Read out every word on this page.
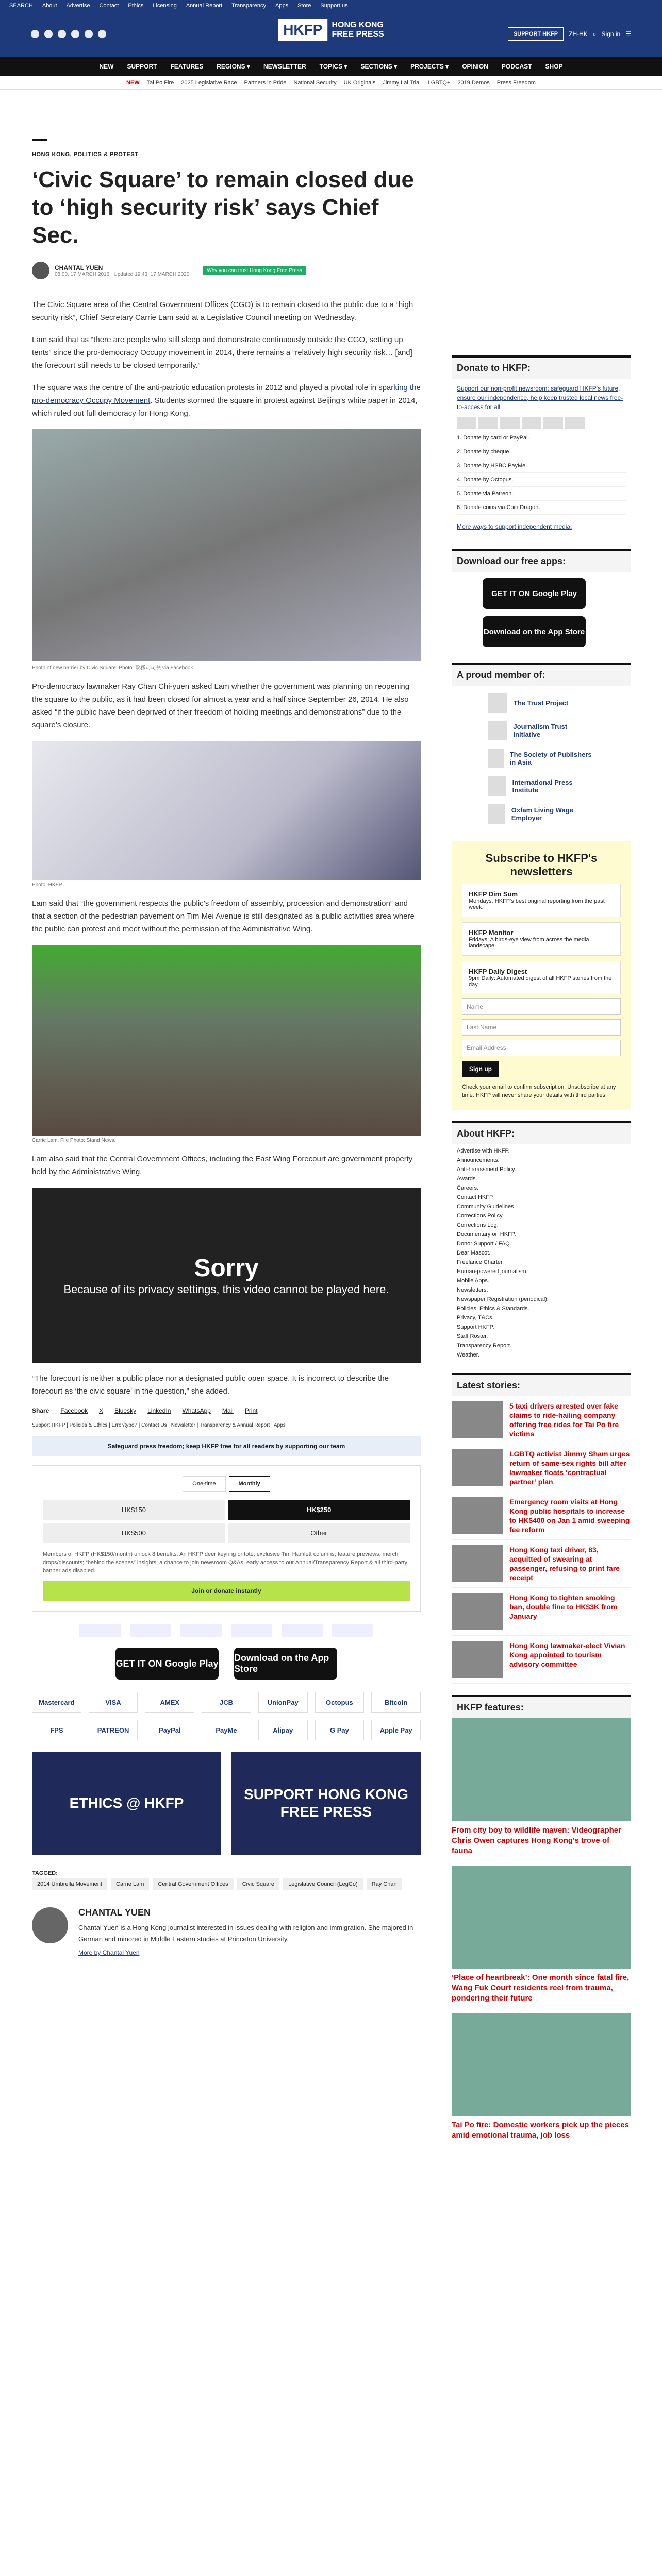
SEARCH About Advertise Contact Ethics Licensing Annual Report Transparency Apps Store Support us
HKFP	HONG KONG
FREE PRESS	SUPPORT HKFP	ZH-HK ⌕ Sign in ☰
NEW SUPPORT FEATURES REGIONS ▾ NEWSLETTER TOPICS ▾ SECTIONS ▾ PROJECTS ▾ OPINION PODCAST SHOP
NEW Tai Po Fire 2025 Legislative Race Partners in Pride National Security UK Originals Jimmy Lai Trial LGBTQ+ 2019 Demos Press Freedom
HONG KONG, POLITICS & PROTEST
‘Civic Square’ to remain closed due to ‘high security risk’ says Chief Sec.
CHANTAL YUEN
08:00, 17 MARCH 2016 Updated 19:43, 17 MARCH 2020
Why you can trust Hong Kong Free Press

The Civic Square area of the Central Government Offices (CGO) is to remain closed to the public due to a “high security risk”, Chief Secretary Carrie Lam said at a Legislative Council meeting on Wednesday.

Lam said that as “there are people who still sleep and demonstrate continuously outside the CGO, setting up tents” since the pro-democracy Occupy movement in 2014, there remains a “relatively high security risk… [and] the forecourt still needs to be closed temporarily.”

The square was the centre of the anti-patriotic education protests in 2012 and played a pivotal role in sparking the pro-democracy Occupy Movement. Students stormed the square in protest against Beijing’s white paper in 2014, which ruled out full democracy for Hong Kong.

Photo of new barrier by Civic Square. Photo: 政務司司長 via Facebook.

Pro-democracy lawmaker Ray Chan Chi-yuen asked Lam whether the government was planning on reopening the square to the public, as it had been closed for almost a year and a half since September 26, 2014. He also asked “if the public have been deprived of their freedom of holding meetings and demonstrations” due to the square’s closure.

Photo: HKFP.

Lam said that “the government respects the public’s freedom of assembly, procession and demonstration” and that a section of the pedestrian pavement on Tim Mei Avenue is still designated as a public activities area where the public can protest and meet without the permission of the Administrative Wing.

Carrie Lam. File Photo: Stand News.

Lam also said that the Central Government Offices, including the East Wing Forecourt are government property held by the Administrative Wing.

Sorry
Because of its privacy settings, this video cannot be played here.

“The forecourt is neither a public place nor a designated public open space. It is incorrect to describe the forecourt as ‘the civic square’ in the question,” she added.

Share Facebook X Bluesky LinkedIn WhatsApp Mail Print
Support HKFP | Policies & Ethics | Error/typo? | Contact Us | Newsletter | Transparency & Annual Report | Apps
Safeguard press freedom; keep HKFP free for all readers by supporting our team
One-time	Monthly
HK$150	HK$250
HK$500	Other
Members of HKFP (HK$150/month) unlock 8 benefits: An HKFP deer keyring or tote; exclusive Tim Hamlett columns; feature previews; merch drops/discounts; “behind the scenes” insights; a chance to join newsroom Q&As, early access to our Annual/Transparency Report & all third-party banner ads disabled.
Join or donate instantly
GET IT ON Google Play
Download on the App Store
Mastercard	VISA	AMEX	JCB	UnionPay	Octopus	Bitcoin
FPS	PATREON	PayPal	PayMe	Alipay	G Pay	Apple Pay
ETHICS @ HKFP
SUPPORT HONG KONG FREE PRESS
TAGGED:
2014 Umbrella Movement Carrie Lam Central Government Offices Civic Square Legislative Council (LegCo) Ray Chan
CHANTAL YUEN
Chantal Yuen is a Hong Kong journalist interested in issues dealing with religion and immigration. She majored in German and minored in Middle Eastern studies at Princeton University.
More by Chantal Yuen
Donate to HKFP:
Support our non-profit newsroom: safeguard HKFP's future, ensure our independence, help keep trusted local news free-to-access for all.
1. Donate by card or PayPal.
2. Donate by cheque.
3. Donate by HSBC PayMe.
4. Donate by Octopus.
5. Donate via Patreon.
6. Donate coins via Coin Dragon.
More ways to support independent media.
Download our free apps:
GET IT ON Google Play
Download on the App Store
A proud member of:
The Trust Project
Journalism Trust Initiative
The Society of Publishers in Asia
International Press Institute
Oxfam Living Wage Employer
Subscribe to HKFP's newsletters
HKFP Dim Sum
Mondays: HKFP's best original reporting from the past week.
HKFP Monitor
Fridays: A birds-eye view from across the media landscape.
HKFP Daily Digest
9pm Daily: Automated digest of all HKFP stories from the day.
Name
Last Name
Email Address
Sign up
Check your email to confirm subscription. Unsubscribe at any time. HKFP will never share your details with third parties.
About HKFP:
Advertise with HKFP.
Announcements.
Anti-harassment Policy.
Awards.
Careers.
Contact HKFP.
Community Guidelines.
Corrections Policy.
Corrections Log.
Documentary on HKFP.
Donor Support / FAQ.
Dear Mascot.
Freelance Charter.
Human-powered journalism.
Mobile Apps.
Newsletters.
Newspaper Registration (periodical).
Policies, Ethics & Standards.
Privacy, T&Cs.
Support HKFP.
Staff Roster.
Transparency Report.
Weather.
Latest stories:
5 taxi drivers arrested over fake claims to ride-hailing company offering free rides for Tai Po fire victims
LGBTQ activist Jimmy Sham urges return of same-sex rights bill after lawmaker floats ‘contractual partner’ plan
Emergency room visits at Hong Kong public hospitals to increase to HK$400 on Jan 1 amid sweeping fee reform
Hong Kong taxi driver, 83, acquitted of swearing at passenger, refusing to print fare receipt
Hong Kong to tighten smoking ban, double fine to HK$3K from January
Hong Kong lawmaker-elect Vivian Kong appointed to tourism advisory committee
HKFP features:
From city boy to wildlife maven: Videographer Chris Owen captures Hong Kong's trove of fauna
‘Place of heartbreak’: One month since fatal fire, Wang Fuk Court residents reel from trauma, pondering their future
Tai Po fire: Domestic workers pick up the pieces amid emotional trauma, job loss
